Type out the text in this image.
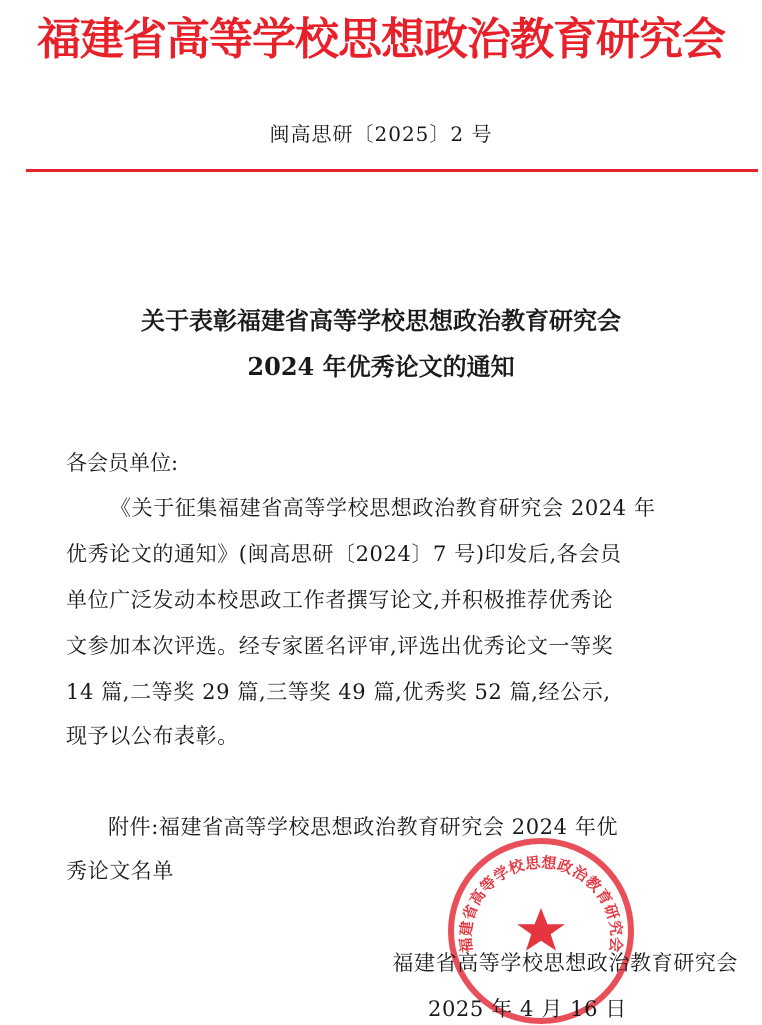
福建省高等学校思想政治教育研究会
闽高思研〔2025〕2 号
关于表彰福建省高等学校思想政治教育研究会
2024 年优秀论文的通知
各会员单位:
《关于征集福建省高等学校思想政治教育研究会 2024 年
优秀论文的通知》(闽高思研〔2024〕7 号)印发后,各会员
单位广泛发动本校思政工作者撰写论文,并积极推荐优秀论
文参加本次评选。经专家匿名评审,评选出优秀论文一等奖
14 篇,二等奖 29 篇,三等奖 49 篇,优秀奖 52 篇,经公示,
现予以公布表彰。
附件:福建省高等学校思想政治教育研究会 2024 年优
秀论文名单
福建省高等学校思想政治教育研究会
福建省高等学校思想政治教育研究会
2025 年 4 月 16 日
